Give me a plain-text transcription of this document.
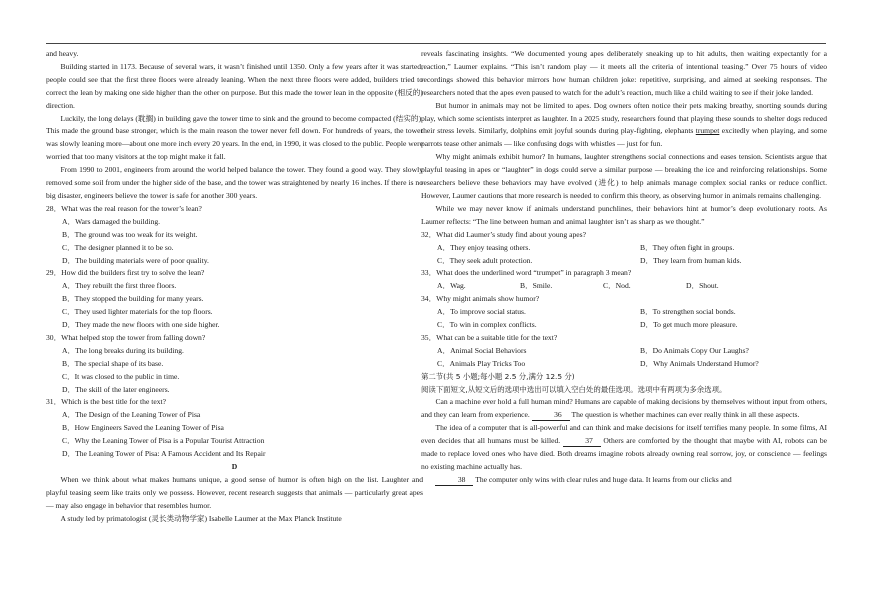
and heavy.

Building started in 1173. Because of several wars, it wasn’t finished until 1350. Only a few years after it was started, people could see that the first three floors were already leaning. When the next three floors were added, builders tried to correct the lean by making one side higher than the other on purpose. But this made the tower lean in the opposite (相反的) direction.

Luckily, the long delays (耽搁) in building gave the tower time to sink and the ground to become compacted (结实的). This made the ground base stronger, which is the main reason the tower never fell down. For hundreds of years, the tower was slowly leaning more—about one more inch every 20 years. In the end, in 1990, it was closed to the public. People were worried that too many visitors at the top might make it fall.

From 1990 to 2001, engineers from around the world helped balance the tower. They found a good way. They slowly removed some soil from under the higher side of the base, and the tower was straightened by nearly 16 inches. If there is no big disaster, engineers believe the tower is safe for another 300 years.

28．What was the real reason for the tower’s lean?
A．Wars damaged the building.
B．The ground was too weak for its weight.
C．The designer planned it to be so.
D．The building materials were of poor quality.
29．How did the builders first try to solve the lean?
A．They rebuilt the first three floors.
B．They stopped the building for many years.
C．They used lighter materials for the top floors.
D．They made the new floors with one side higher.
30．What helped stop the tower from falling down?
A．The long breaks during its building.
B．The special shape of its base.
C．It was closed to the public in time.
D．The skill of the later engineers.
31．Which is the best title for the text?
A．The Design of the Leaning Tower of Pisa
B．How Engineers Saved the Leaning Tower of Pisa
C．Why the Leaning Tower of Pisa is a Popular Tourist Attraction
D．The Leaning Tower of Pisa: A Famous Accident and Its Repair
D

When we think about what makes humans unique, a good sense of humor is often high on the list. Laughter and playful teasing seem like traits only we possess. However, recent research suggests that animals — particularly great apes — may also engage in behavior that resembles humor.

A study led by primatologist (灵长类动物学家) Isabelle Laumer at the Max Planck Institute

reveals fascinating insights. “We documented young apes deliberately sneaking up to hit adults, then waiting expectantly for a reaction,” Laumer explains. “This isn’t random play — it meets all the criteria of intentional teasing.” Over 75 hours of video recordings showed this behavior mirrors how human children joke: repetitive, surprising, and aimed at seeking responses. The researchers noted that the apes even paused to watch for the adult’s reaction, much like a child waiting to see if their joke landed.

But humor in animals may not be limited to apes. Dog owners often notice their pets making breathy, snorting sounds during play, which some scientists interpret as laughter. In a 2025 study, researchers found that playing these sounds to shelter dogs reduced their stress levels. Similarly, dolphins emit joyful sounds during play-fighting, elephants trumpet excitedly when playing, and some parrots tease other animals — like confusing dogs with whistles — just for fun.

Why might animals exhibit humor? In humans, laughter strengthens social connections and eases tension. Scientists argue that playful teasing in apes or “laughter” in dogs could serve a similar purpose — breaking the ice and reinforcing relationships. Some researchers believe these behaviors may have evolved (进化) to help animals manage complex social ranks or reduce conflict. However, Laumer cautions that more research is needed to confirm this theory, as observing humor in animals remains challenging.

While we may never know if animals understand punchlines, their behaviors hint at humor’s deep evolutionary roots. As Laumer reflects: “The line between human and animal laughter isn’t as sharp as we thought.”

32．What did Laumer’s study find about young apes?
A．They enjoy teasing others.	B．They often fight in groups.
C．They seek adult protection.	D．They learn from human kids.
33．What does the underlined word “trumpet” in paragraph 3 mean?
A．Wag.	B．Smile.	C．Nod.	D．Shout.
34．Why might animals show humor?
A．To improve social status.	B．To strengthen social bonds.
C．To win in complex conflicts.	D．To get much more pleasure.
35．What can be a suitable title for the text?
A．Animal Social Behaviors	B．Do Animals Copy Our Laughs?
C．Animals Play Tricks Too	D．Why Animals Understand Humor?
第二节(共 5 小题;每小题 2.5 分,满分 12.5 分)
阅读下面短文,从短文后的选项中选出可以填入空白处的最佳选项。选项中有两项为多余选项。

Can a machine ever hold a full human mind? Humans are capable of making decisions by themselves without input from others, and they can learn from experience.	36 The question is whether machines can ever really think in all these aspects.

The idea of a computer that is all-powerful and can think and make decisions for itself terrifies many people. In some films, AI even decides that all humans must be killed.	37 Others are comforted by the thought that maybe with AI, robots can be made to replace loved ones who have died. Both dreams imagine robots already owning real sorrow, joy, or conscience — feelings no existing machine actually has.

38 The computer only wins with clear rules and huge data. It learns from our clicks and
